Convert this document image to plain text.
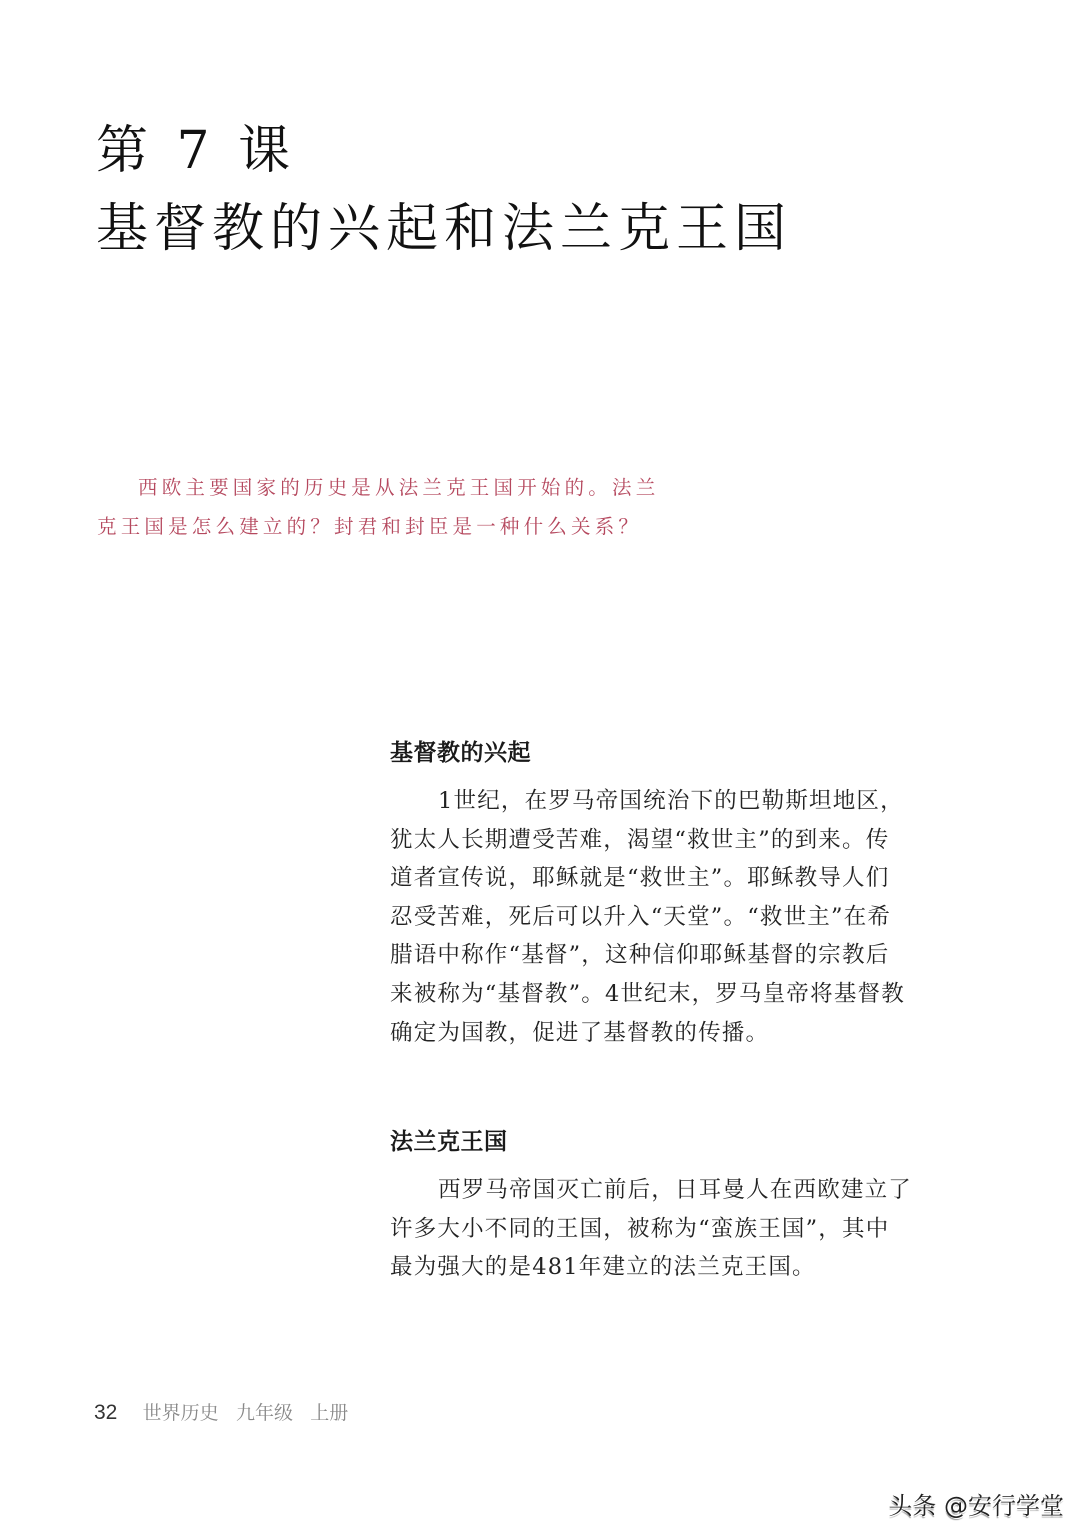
第 7 课
基督教的兴起和法兰克王国
西欧主要国家的历史是从法兰克王国开始的。法兰
克王国是怎么建立的？封君和封臣是一种什么关系？
基督教的兴起
1世纪，在罗马帝国统治下的巴勒斯坦地区，
犹太人长期遭受苦难，渴望“救世主”的到来。传
道者宣传说，耶稣就是“救世主”。耶稣教导人们
忍受苦难，死后可以升入“天堂”。“救世主”在希
腊语中称作“基督”，这种信仰耶稣基督的宗教后
来被称为“基督教”。4世纪末，罗马皇帝将基督教
确定为国教，促进了基督教的传播。
法兰克王国
西罗马帝国灭亡前后，日耳曼人在西欧建立了
许多大小不同的王国，被称为“蛮族王国”，其中
最为强大的是481年建立的法兰克王国。
32 世界历史 九年级 上册
头条 @安行学堂
